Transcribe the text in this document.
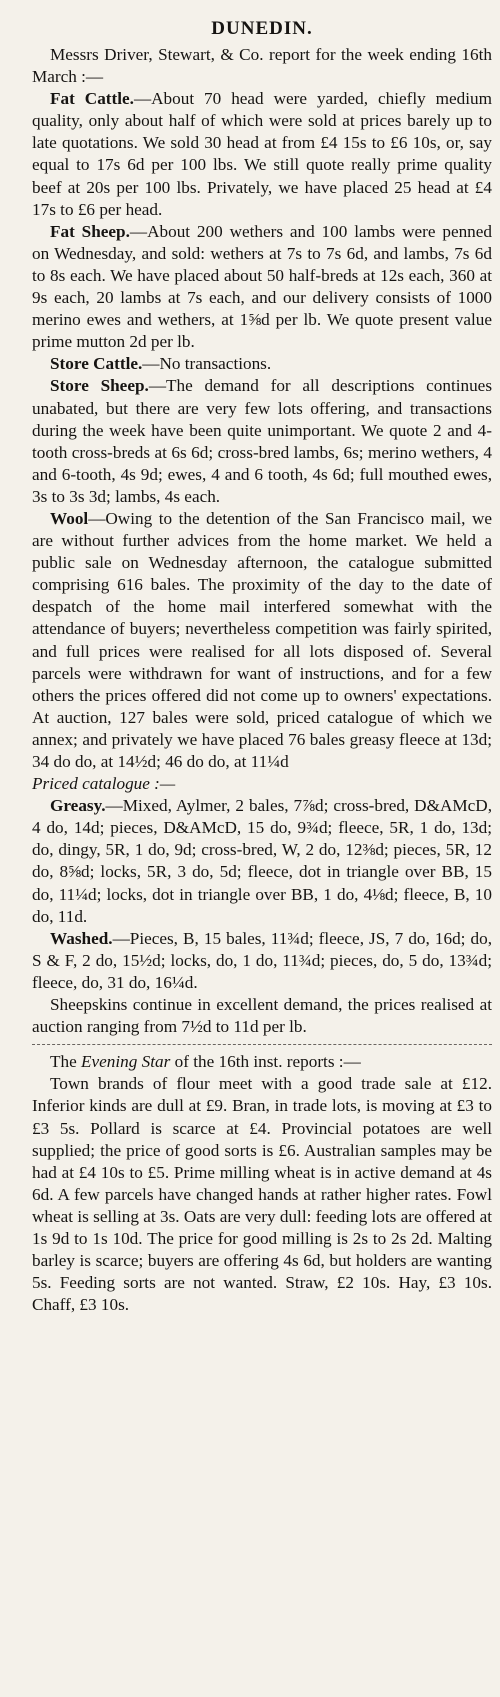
DUNEDIN.

Messrs Driver, Stewart, & Co. report for the week ending 16th March :—

Fat Cattle.—About 70 head were yarded, chiefly medium quality, only about half of which were sold at prices barely up to late quotations. We sold 30 head at from £4 15s to £6 10s, or, say equal to 17s 6d per 100 lbs. We still quote really prime quality beef at 20s per 100 lbs. Privately, we have placed 25 head at £4 17s to £6 per head.

Fat Sheep.—About 200 wethers and 100 lambs were penned on Wednesday, and sold: wethers at 7s to 7s 6d, and lambs, 7s 6d to 8s each. We have placed about 50 half-breds at 12s each, 360 at 9s each, 20 lambs at 7s each, and our delivery consists of 1000 merino ewes and wethers, at 1⅝d per lb. We quote present value prime mutton 2d per lb.

Store Cattle.—No transactions.

Store Sheep.—The demand for all descriptions continues unabated, but there are very few lots offering, and transactions during the week have been quite unimportant. We quote 2 and 4-tooth cross-breds at 6s 6d; cross-bred lambs, 6s; merino wethers, 4 and 6-tooth, 4s 9d; ewes, 4 and 6 tooth, 4s 6d; full mouthed ewes, 3s to 3s 3d; lambs, 4s each.

Wool—Owing to the detention of the San Francisco mail, we are without further advices from the home market. We held a public sale on Wednesday afternoon, the catalogue submitted comprising 616 bales. The proximity of the day to the date of despatch of the home mail interfered somewhat with the attendance of buyers; nevertheless competition was fairly spirited, and full prices were realised for all lots disposed of. Several parcels were withdrawn for want of instructions, and for a few others the prices offered did not come up to owners' expectations. At auction, 127 bales were sold, priced catalogue of which we annex; and privately we have placed 76 bales greasy fleece at 13d; 34 do do, at 14½d; 46 do do, at 11¼d

Priced catalogue :—

Greasy.—Mixed, Aylmer, 2 bales, 7⅞d; cross-bred, D&AMcD, 4 do, 14d; pieces, D&AMcD, 15 do, 9¾d; fleece, 5R, 1 do, 13d; do, dingy, 5R, 1 do, 9d; cross-bred, W, 2 do, 12⅜d; pieces, 5R, 12 do, 8⅝d; locks, 5R, 3 do, 5d; fleece, dot in triangle over BB, 15 do, 11¼d; locks, dot in triangle over BB, 1 do, 4⅛d; fleece, B, 10 do, 11d.

Washed.—Pieces, B, 15 bales, 11¾d; fleece, JS, 7 do, 16d; do, S & F, 2 do, 15½d; locks, do, 1 do, 11¾d; pieces, do, 5 do, 13¾d; fleece, do, 31 do, 16¼d.

Sheepskins continue in excellent demand, the prices realised at auction ranging from 7½d to 11d per lb.

The Evening Star of the 16th inst. reports :—

Town brands of flour meet with a good trade sale at £12. Inferior kinds are dull at £9. Bran, in trade lots, is moving at £3 to £3 5s. Pollard is scarce at £4. Provincial potatoes are well supplied; the price of good sorts is £6. Australian samples may be had at £4 10s to £5. Prime milling wheat is in active demand at 4s 6d. A few parcels have changed hands at rather higher rates. Fowl wheat is selling at 3s. Oats are very dull: feeding lots are offered at 1s 9d to 1s 10d. The price for good milling is 2s to 2s 2d. Malting barley is scarce; buyers are offering 4s 6d, but holders are wanting 5s. Feeding sorts are not wanted. Straw, £2 10s. Hay, £3 10s. Chaff, £3 10s.
